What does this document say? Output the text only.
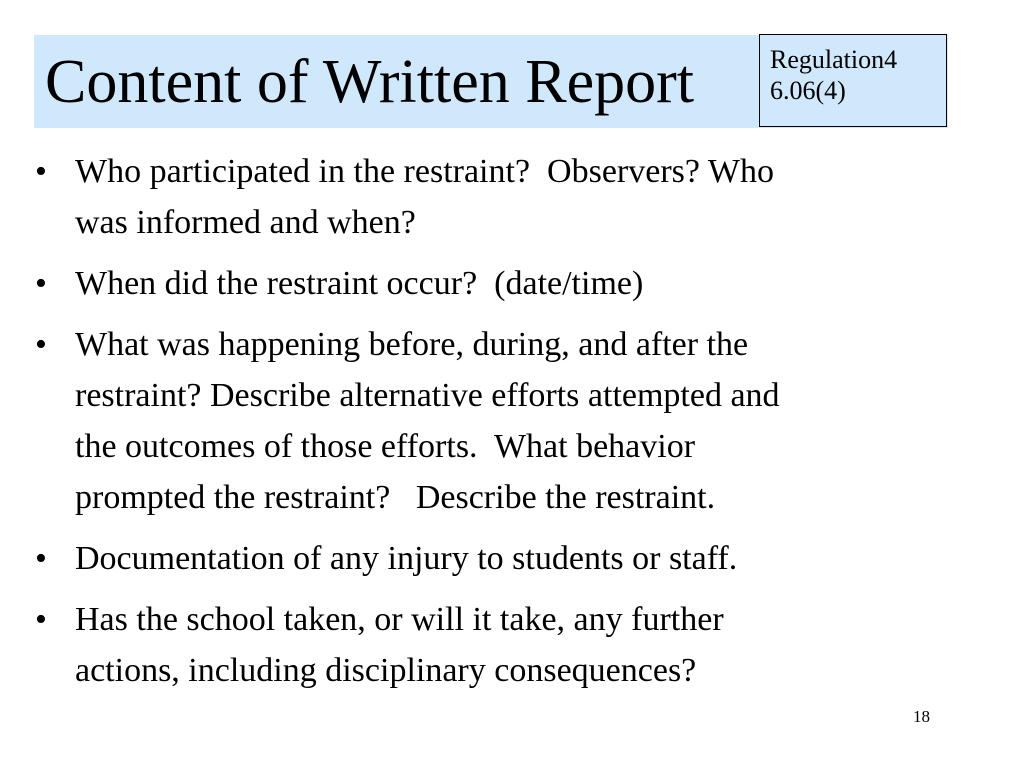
Content of Written Report	Regulation4
6.06(4)
• Who participated in the restraint?  Observers? Who
was informed and when?
• When did the restraint occur?  (date/time)
• What was happening before, during, and after the
restraint? Describe alternative efforts attempted and
the outcomes of those efforts.  What behavior
prompted the restraint?   Describe the restraint.
• Documentation of any injury to students or staff.
• Has the school taken, or will it take, any further
actions, including disciplinary consequences?
18
